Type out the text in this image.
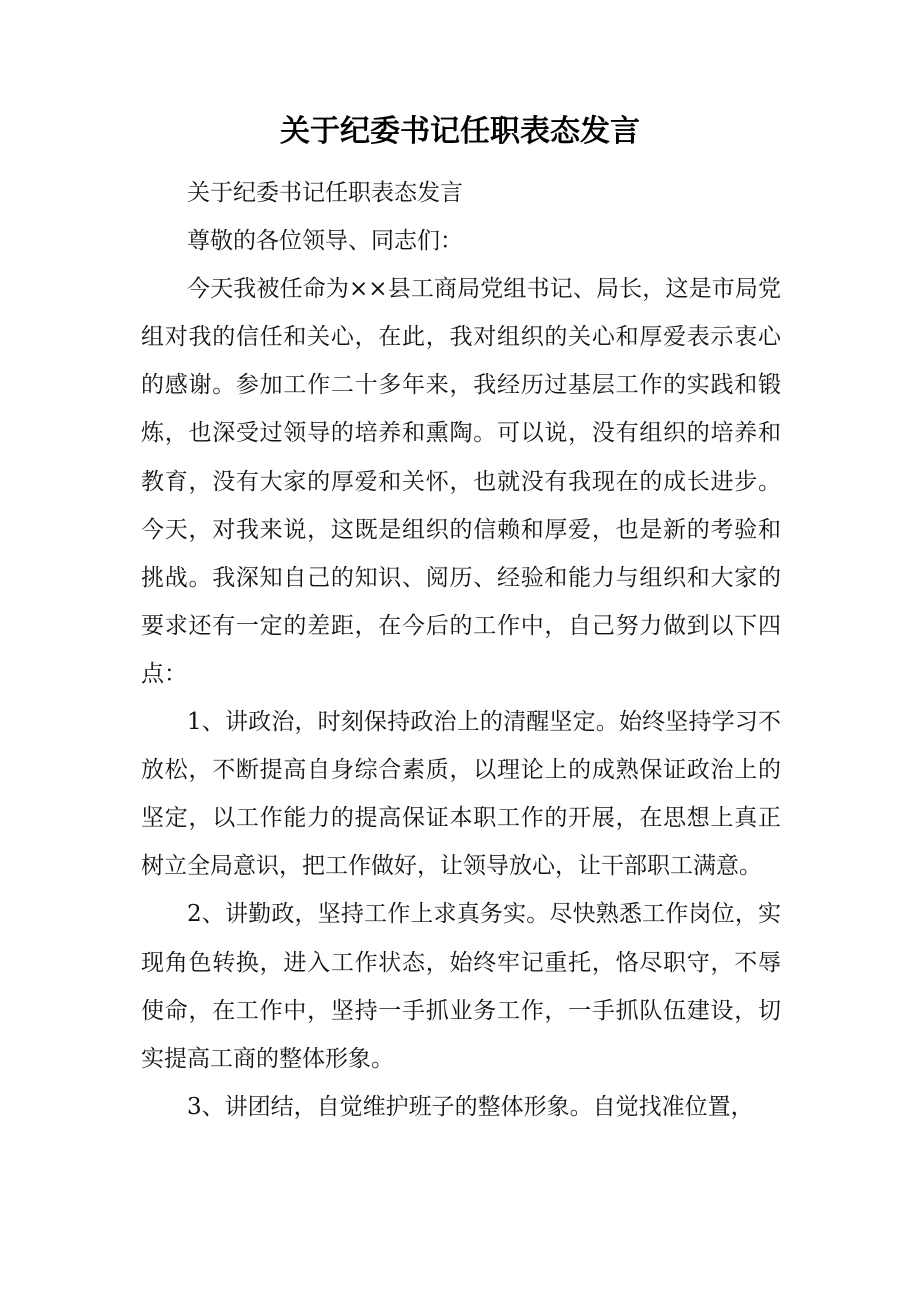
关于纪委书记任职表态发言

关于纪委书记任职表态发言

尊敬的各位领导、同志们：

今天我被任命为××县工商局党组书记、局长，这是市局党组对我的信任和关心，在此，我对组织的关心和厚爱表示衷心的感谢。参加工作二十多年来，我经历过基层工作的实践和锻炼，也深受过领导的培养和熏陶。可以说，没有组织的培养和教育，没有大家的厚爱和关怀，也就没有我现在的成长进步。今天，对我来说，这既是组织的信赖和厚爱，也是新的考验和挑战。我深知自己的知识、阅历、经验和能力与组织和大家的要求还有一定的差距，在今后的工作中，自己努力做到以下四点：

1、讲政治，时刻保持政治上的清醒坚定。始终坚持学习不放松，不断提高自身综合素质，以理论上的成熟保证政治上的坚定，以工作能力的提高保证本职工作的开展，在思想上真正树立全局意识，把工作做好，让领导放心，让干部职工满意。

2、讲勤政，坚持工作上求真务实。尽快熟悉工作岗位，实现角色转换，进入工作状态，始终牢记重托，恪尽职守，不辱使命，在工作中，坚持一手抓业务工作，一手抓队伍建设，切实提高工商的整体形象。

3、讲团结，自觉维护班子的整体形象。自觉找准位置，
